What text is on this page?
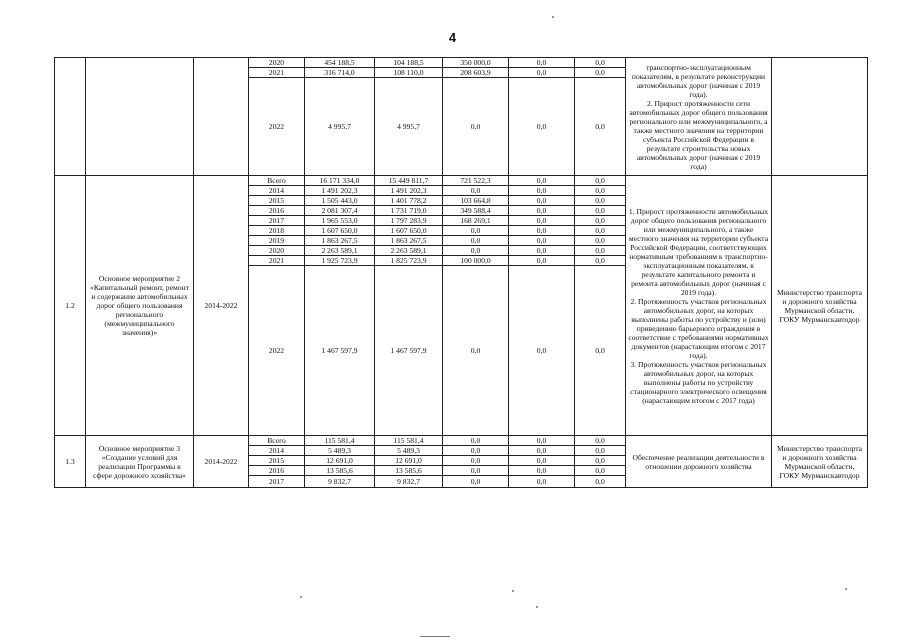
4
			2020	454 188,5	104 188,5	350 000,0	0,0	0,0	транспортно-эксплуатационным показателям, в результате реконструкции автомобильных дорог (начиная с 2019 года).
2. Прирост протяженности сети автомобильных дорог общего пользования регионального или межмуниципального, а также местного значения на территории субъекта Российской Федерации в результате строительства новых автомобильных дорог (начиная с 2019 года)	
			2021	316 714,0	108 110,0	208 603,9	0,0	0,0		
			2022	4 995,7	4 995,7	0,0	0,0	0,0		
1.2	Основное мероприятие 2 «Капитальный ремонт, ремонт и содержание автомобильных дорог общего пользования регионального (межмуниципального значения)»	2014-2022	Всего	16 171 334,0	15 449 811,7	721 522,3	0,0	0,0	1. Прирост протяженности автомобильных дорог общего пользования регионального или межмуниципального, а также местного значения на территории субъекта Российской Федерации, соответствующих нормативным требованиям к транспортно-эксплуатационным показателям, в результате капитального ремонта и ремонта автомобильных дорог (начиная с 2019 года).
2. Протяженность участков региональных автомобильных дорог, на которых выполнены работы по устройству и (или) приведению барьерного ограждения в соответствие с требованиями нормативных документов (нарастающим итогом с 2017 года).
3. Протяженность участков региональных автомобильных дорог, на которых выполнены работы по устройству стационарного электрического освещения (нарастающим итогом с 2017 года)	Министерство транспорта и дорожного хозяйства Мурманской области, ГОКУ Мурманскавтодор
			2014	1 491 202,3	1 491 202,3	0,0	0,0	0,0		
			2015	1 505 443,0	1 401 778,2	103 664,8	0,0	0,0		
			2016	2 081 307,4	1 731 719,0	349 588,4	0,0	0,0		
			2017	1 965 553,0	1 797 283,9	168 269,1	0,0	0,0		
			2018	1 607 650,0	1 607 650,0	0,0	0,0	0,0		
			2019	1 863 267,5	1 863 267,5	0,0	0,0	0,0		
			2020	2 263 589,1	2 263 589,1	0,0	0,0	0,0		
			2021	1 925 723,9	1 825 723,9	100 000,0	0,0	0,0		
			2022	1 467 597,9	1 467 597,9	0,0	0,0	0,0		
1.3	Основное мероприятие 3 «Создание условий для реализации Программы в сфере дорожного хозяйства»	2014-2022	Всего	115 581,4	115 581,4	0,0	0,0	0,0	Обеспечение реализации деятельности в отношении дорожного хозяйства	Министерство транспорта и дорожного хозяйства Мурманской области, ГОКУ Мурманскавтодор
			2014	5 489,3	5 489,3	0,0	0,0	0,0		
			2015	12 691,0	12 691,0	0,0	0,0	0,0		
			2016	13 585,6	13 585,6	0,0	0,0	0,0		
			2017	9 832,7	9 832,7	0,0	0,0	0,0		
